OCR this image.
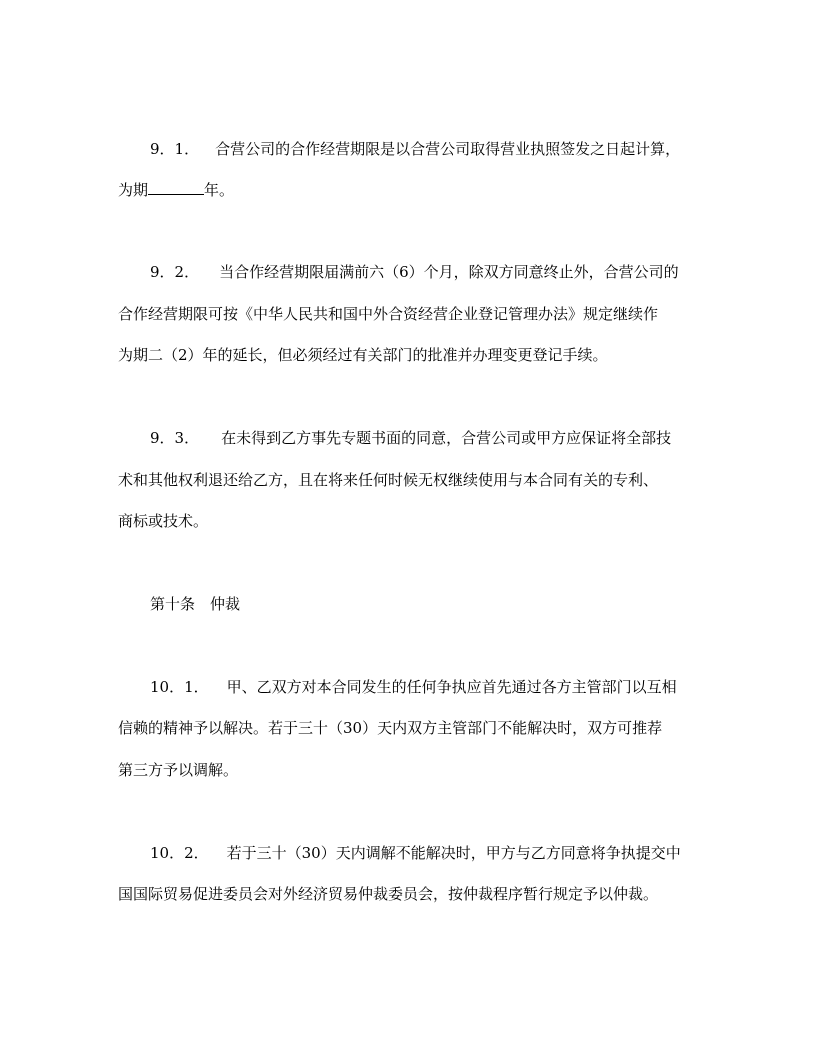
9．1． 合营公司的合作经营期限是以合营公司取得营业执照签发之日起计算，
为期	年。
9．2． 当合作经营期限届满前六（6）个月，除双方同意终止外，合营公司的
合作经营期限可按《中华人民共和国中外合资经营企业登记管理办法》规定继续作
为期二（2）年的延长，但必须经过有关部门的批准并办理变更登记手续。
9．3． 在未得到乙方事先专题书面的同意，合营公司或甲方应保证将全部技
术和其他权利退还给乙方，且在将来任何时候无权继续使用与本合同有关的专利、
商标或技术。
第十条　仲裁
10．1． 甲、乙双方对本合同发生的任何争执应首先通过各方主管部门以互相
信赖的精神予以解决。若于三十（30）天内双方主管部门不能解决时，双方可推荐
第三方予以调解。
10．2． 若于三十（30）天内调解不能解决时，甲方与乙方同意将争执提交中
国国际贸易促进委员会对外经济贸易仲裁委员会，按仲裁程序暂行规定予以仲裁。
